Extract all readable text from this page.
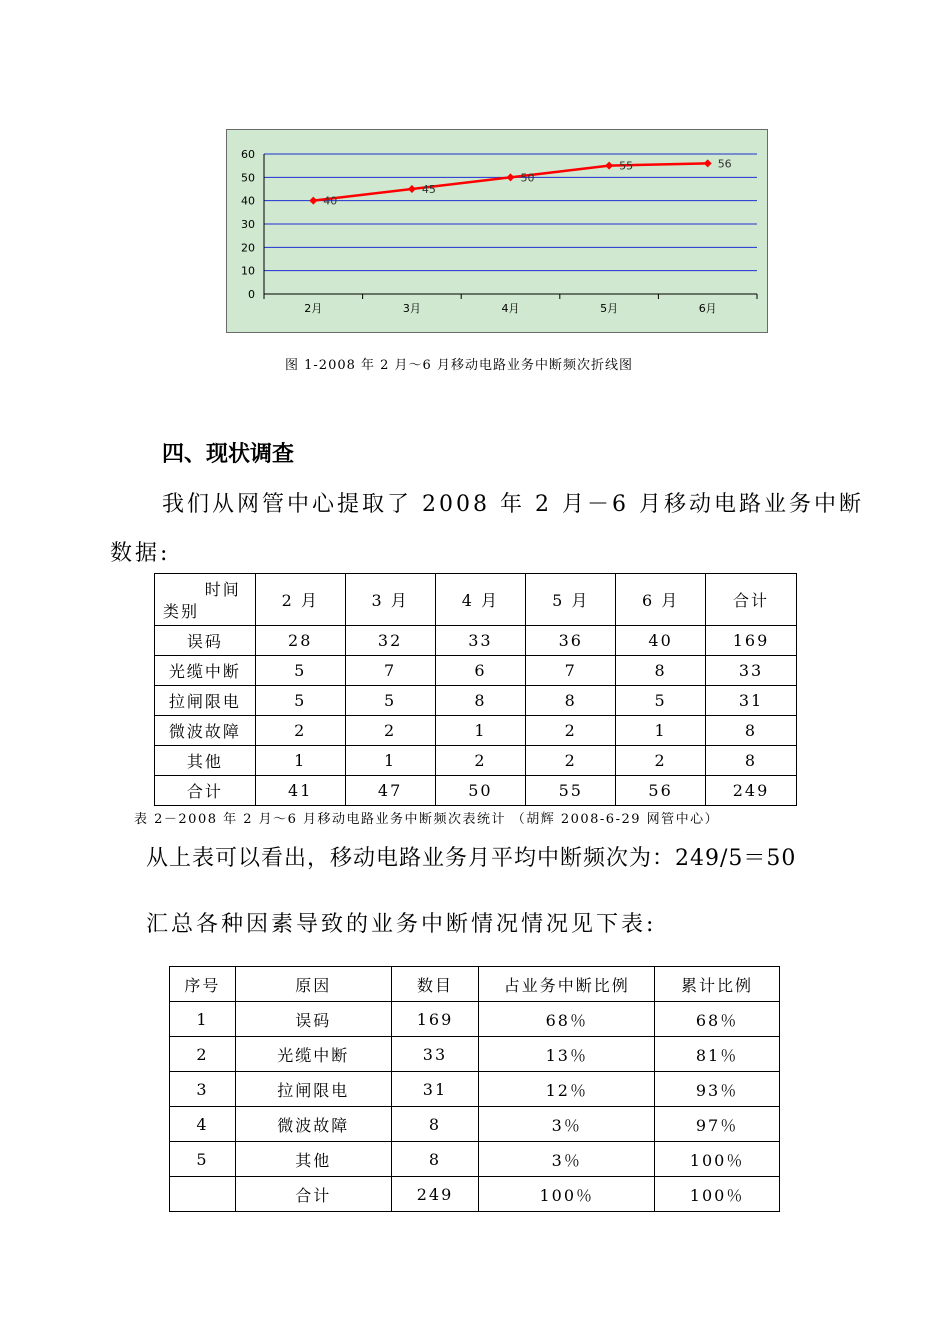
0
10
20
30
40
50
60
2月	3月	4月	5月	6月
40
45
50
55	56
图 1-2008 年 2 月～6 月移动电路业务中断频次折线图
四、现状调查
我们从网管中心提取了 2008 年 2 月－6 月移动电路业务中断
数据:
时间
类别	2 月	3 月	4 月	5 月	6 月	合计
误码	28	32	33	36	40	169
光缆中断	5	7	6	7	8	33
拉闸限电	5	5	8	8	5	31
微波故障	2	2	1	2	1	8
其他	1	1	2	2	2	8
合计	41	47	50	55	56	249
表 2－2008 年 2 月～6 月移动电路业务中断频次表统计 （胡辉 2008-6-29 网管中心）
从上表可以看出，移动电路业务月平均中断频次为：249/5＝50
汇总各种因素导致的业务中断情况情况见下表:
序号	原因	数目	占业务中断比例	累计比例
1	误码	169	68％	68％
2	光缆中断	33	13％	81％
3	拉闸限电	31	12％	93％
4	微波故障	8	3％	97％
5	其他	8	3％	100％
	合计	249	100％	100％
